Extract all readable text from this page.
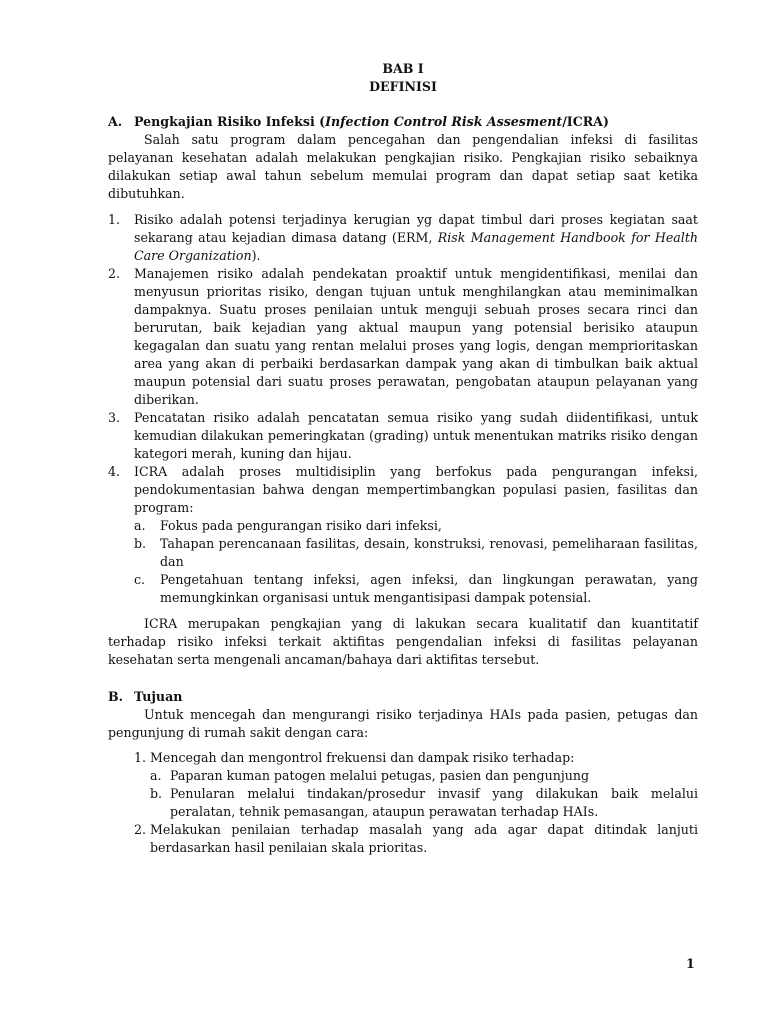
BAB I

DEFINISI

A. Pengkajian Risiko Infeksi (Infection Control Risk Assesment/ICRA)

Salah satu program dalam pencegahan dan pengendalian infeksi di fasilitas pelayanan kesehatan adalah melakukan pengkajian risiko. Pengkajian risiko sebaiknya dilakukan setiap awal tahun sebelum memulai program dan dapat setiap saat ketika dibutuhkan.

1.	Risiko adalah potensi terjadinya kerugian yg dapat timbul dari proses kegiatan saat sekarang atau kejadian dimasa datang (ERM, Risk Management Handbook for Health Care Organization).
2.	Manajemen risiko adalah pendekatan proaktif untuk mengidentifikasi, menilai dan menyusun prioritas risiko, dengan tujuan untuk menghilangkan atau meminimalkan dampaknya. Suatu proses penilaian untuk menguji sebuah proses secara rinci dan berurutan, baik kejadian yang aktual maupun yang potensial berisiko ataupun kegagalan dan suatu yang rentan melalui proses yang logis, dengan memprioritaskan area yang akan di perbaiki berdasarkan dampak yang akan di timbulkan baik aktual maupun potensial dari suatu proses perawatan, pengobatan ataupun pelayanan yang diberikan.
3.	Pencatatan risiko adalah pencatatan semua risiko yang sudah diidentifikasi, untuk kemudian dilakukan pemeringkatan (grading) untuk menentukan matriks risiko dengan kategori merah, kuning dan hijau.
4.	ICRA adalah proses multidisiplin yang berfokus pada pengurangan infeksi, pendokumentasian bahwa dengan mempertimbangkan populasi pasien, fasilitas dan program:
a.	Fokus pada pengurangan risiko dari infeksi,
b.	Tahapan perencanaan fasilitas, desain, konstruksi, renovasi, pemeliharaan fasilitas, dan
c.	Pengetahuan tentang infeksi, agen infeksi, dan lingkungan perawatan, yang memungkinkan organisasi untuk mengantisipasi dampak potensial.

ICRA merupakan pengkajian yang di lakukan secara kualitatif dan kuantitatif terhadap risiko infeksi terkait aktifitas pengendalian infeksi di fasilitas pelayanan kesehatan serta mengenali ancaman/bahaya dari aktifitas tersebut.

B. Tujuan

Untuk mencegah dan mengurangi risiko terjadinya HAIs pada pasien, petugas dan pengunjung di rumah sakit dengan cara:

1. Mencegah dan mengontrol frekuensi dan dampak risiko terhadap:
a. Paparan kuman patogen melalui petugas, pasien dan pengunjung
b. Penularan melalui tindakan/prosedur invasif yang dilakukan baik melalui peralatan, tehnik pemasangan, ataupun perawatan terhadap HAIs.
2. Melakukan penilaian terhadap masalah yang ada agar dapat ditindak lanjuti berdasarkan hasil penilaian skala prioritas.
1
